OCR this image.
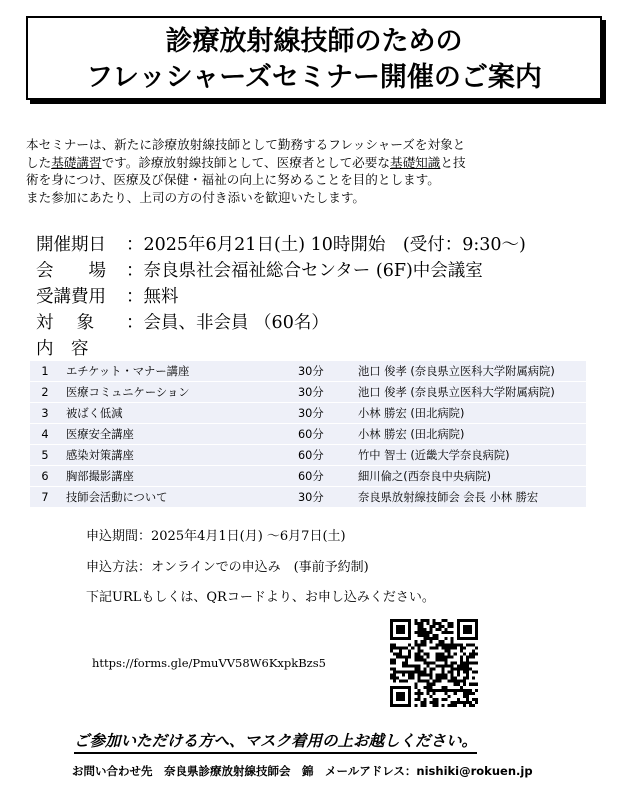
診療放射線技師のための
フレッシャーズセミナー開催のご案内

本セミナーは、新たに診療放射線技師として勤務するフレッシャーズを対象と

した基礎講習です。診療放射線技師として、医療者として必要な基礎知識と技

術を身につけ、医療及び保健・福祉の向上に努めることを目的とします。

また参加にあたり、上司の方の付き添いを歓迎いたします。

開催期日 ：2025年6月21日(土) 10時開始　(受付：9:30～)
会　　場 ：奈良県社会福祉総合センター (6F)中会議室
受講費用 ：無料
対　 象 ：会員、非会員 （60名）
内　容
1	エチケット・マナー講座	30分	池口 俊孝 (奈良県立医科大学附属病院)
2	医療コミュニケーション	30分	池口 俊孝 (奈良県立医科大学附属病院)
3	被ばく低減	30分	小林 勝宏 (田北病院)
4	医療安全講座	60分	小林 勝宏 (田北病院)
5	感染対策講座	60分	竹中 智士 (近畿大学奈良病院)
6	胸部撮影講座	60分	細川倫之(西奈良中央病院)
7	技師会活動について	30分	奈良県放射線技師会 会長 小林 勝宏
申込期間：2025年4月1日(月) ～6月7日(土)
申込方法：オンラインでの申込み　(事前予約制)
下記URLもしくは、QRコードより、お申し込みください。
https://forms.gle/PmuVV58W6KxpkBzs5
ご参加いただける方へ、マスク着用の上お越しください。
お問い合わせ先　奈良県診療放射線技師会　錦　メールアドレス：nishiki@rokuen.jp
